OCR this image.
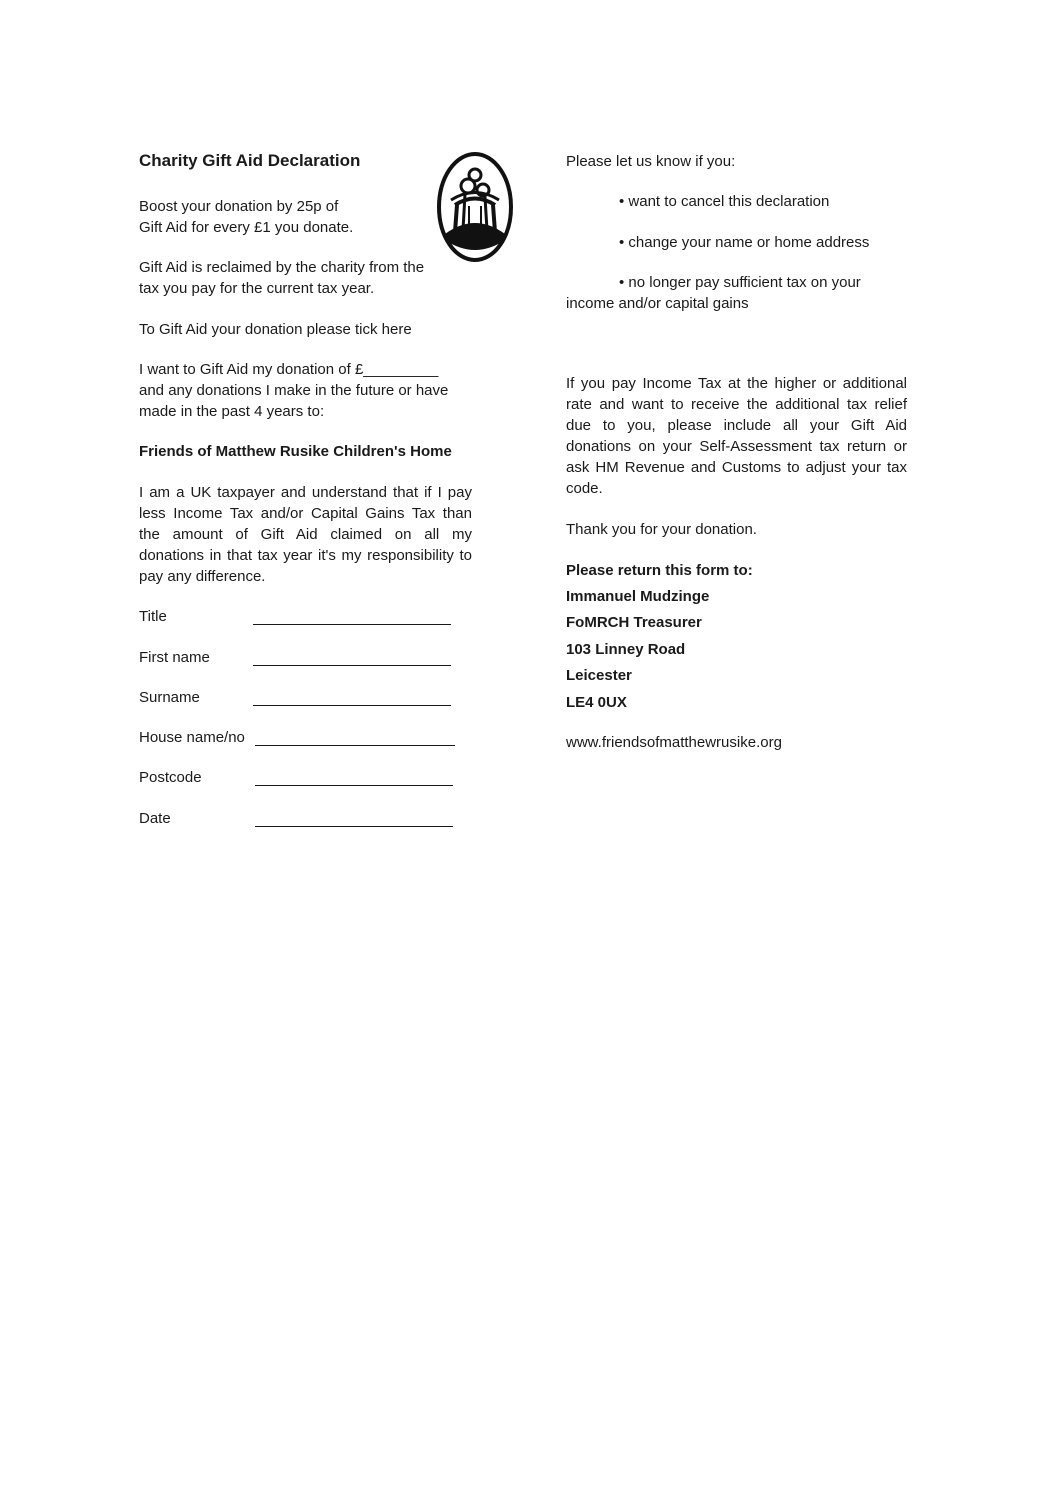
Charity Gift Aid Declaration
Boost your donation by 25p of
Gift Aid for every £1 you donate.
Gift Aid is reclaimed by the charity from the
tax you pay for the current tax year.
To Gift Aid your donation please tick here
I want to Gift Aid my donation of £_________
and any donations I make in the future or have
made in the past 4 years to:
Friends of Matthew Rusike Children's Home
I am a UK taxpayer and understand that if I pay less Income Tax and/or Capital Gains Tax than the amount of Gift Aid claimed on all my donations in that tax year it's my responsibility to pay any difference.
Title
First name
Surname
House name/no
Postcode
Date
Please let us know if you:
• want to cancel this declaration
• change your name or home address
• no longer pay sufficient tax on your
income and/or capital gains
If you pay Income Tax at the higher or additional rate and want to receive the additional tax relief due to you, please include all your Gift Aid donations on your Self-Assessment tax return or ask HM Revenue and Customs to adjust your tax code.
Thank you for your donation.
Please return this form to:
Immanuel Mudzinge
FoMRCH Treasurer
103 Linney Road
Leicester
LE4 0UX
www.friendsofmatthewrusike.org
